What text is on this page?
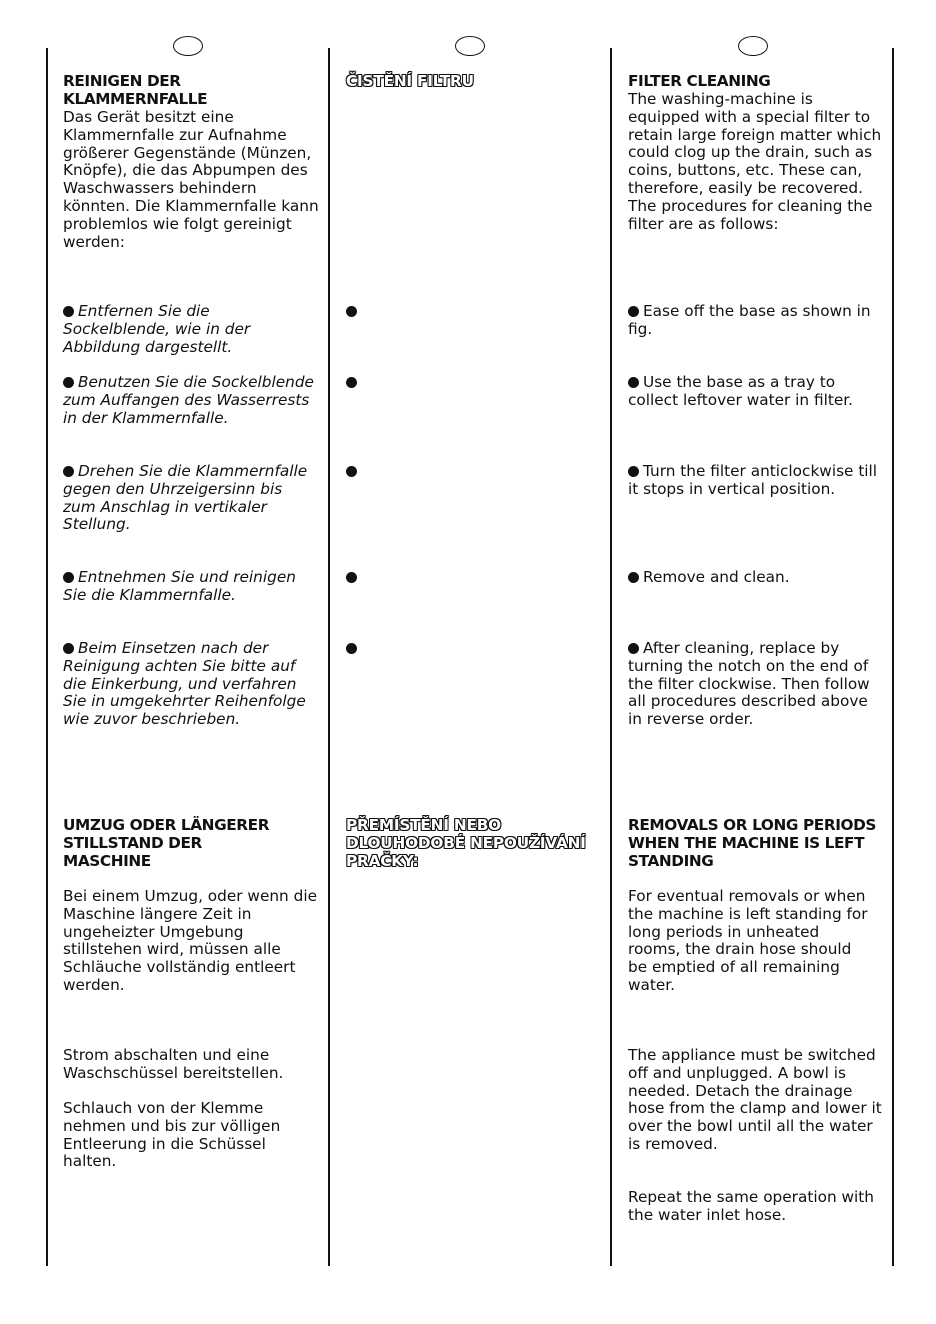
REINIGEN DER KLAMMERNFALLE

Das Gerät besitzt eine Klammernfalle zur Aufnahme größerer Gegenstände (Münzen, Knöpfe), die das Abpumpen des Waschwassers behindern könnten. Die Klammernfalle kann problemlos wie folgt gereinigt werden:

Entfernen Sie die Sockelblende, wie in der Abbildung dargestellt.

Benutzen Sie die Sockelblende zum Auffangen des Wasserrests in der Klammernfalle.

Drehen Sie die Klammernfalle gegen den Uhrzeigersinn bis zum Anschlag in vertikaler Stellung.

Entnehmen Sie und reinigen Sie die Klammernfalle.

Beim Einsetzen nach der Reinigung achten Sie bitte auf die Einkerbung, und verfahren Sie in umgekehrter Reihenfolge wie zuvor beschrieben.

UMZUG ODER LÄNGERER STILLSTAND DER MASCHINE

Bei einem Umzug, oder wenn die Maschine längere Zeit in ungeheizter Umgebung stillstehen wird, müssen alle Schläuche vollständig entleert werden.

Strom abschalten und eine Waschschüssel bereitstellen.

Schlauch von der Klemme nehmen und bis zur völligen Entleerung in die Schüssel halten.

ČISTĚNÍ FILTRU

PŘEMÍSTĚNÍ NEBO DLOUHODOBÉ NEPOUŽÍVÁNÍ PRAČKY:

FILTER CLEANING

The washing-machine is equipped with a special filter to retain large foreign matter which could clog up the drain, such as coins, buttons, etc. These can, therefore, easily be recovered. The procedures for cleaning the filter are as follows:

Ease off the base as shown in fig.

Use the base as a tray to collect leftover water in filter.

Turn the filter anticlockwise till it stops in vertical position.

Remove and clean.

After cleaning, replace by turning the notch on the end of the filter clockwise. Then follow all procedures described above in reverse order.

REMOVALS OR LONG PERIODS WHEN THE MACHINE IS LEFT STANDING

For eventual removals or when the machine is left standing for long periods in unheated rooms, the drain hose should be emptied of all remaining water.

The appliance must be switched off and unplugged. A bowl is needed. Detach the drainage hose from the clamp and lower it over the bowl until all the water is removed.

Repeat the same operation with the water inlet hose.
